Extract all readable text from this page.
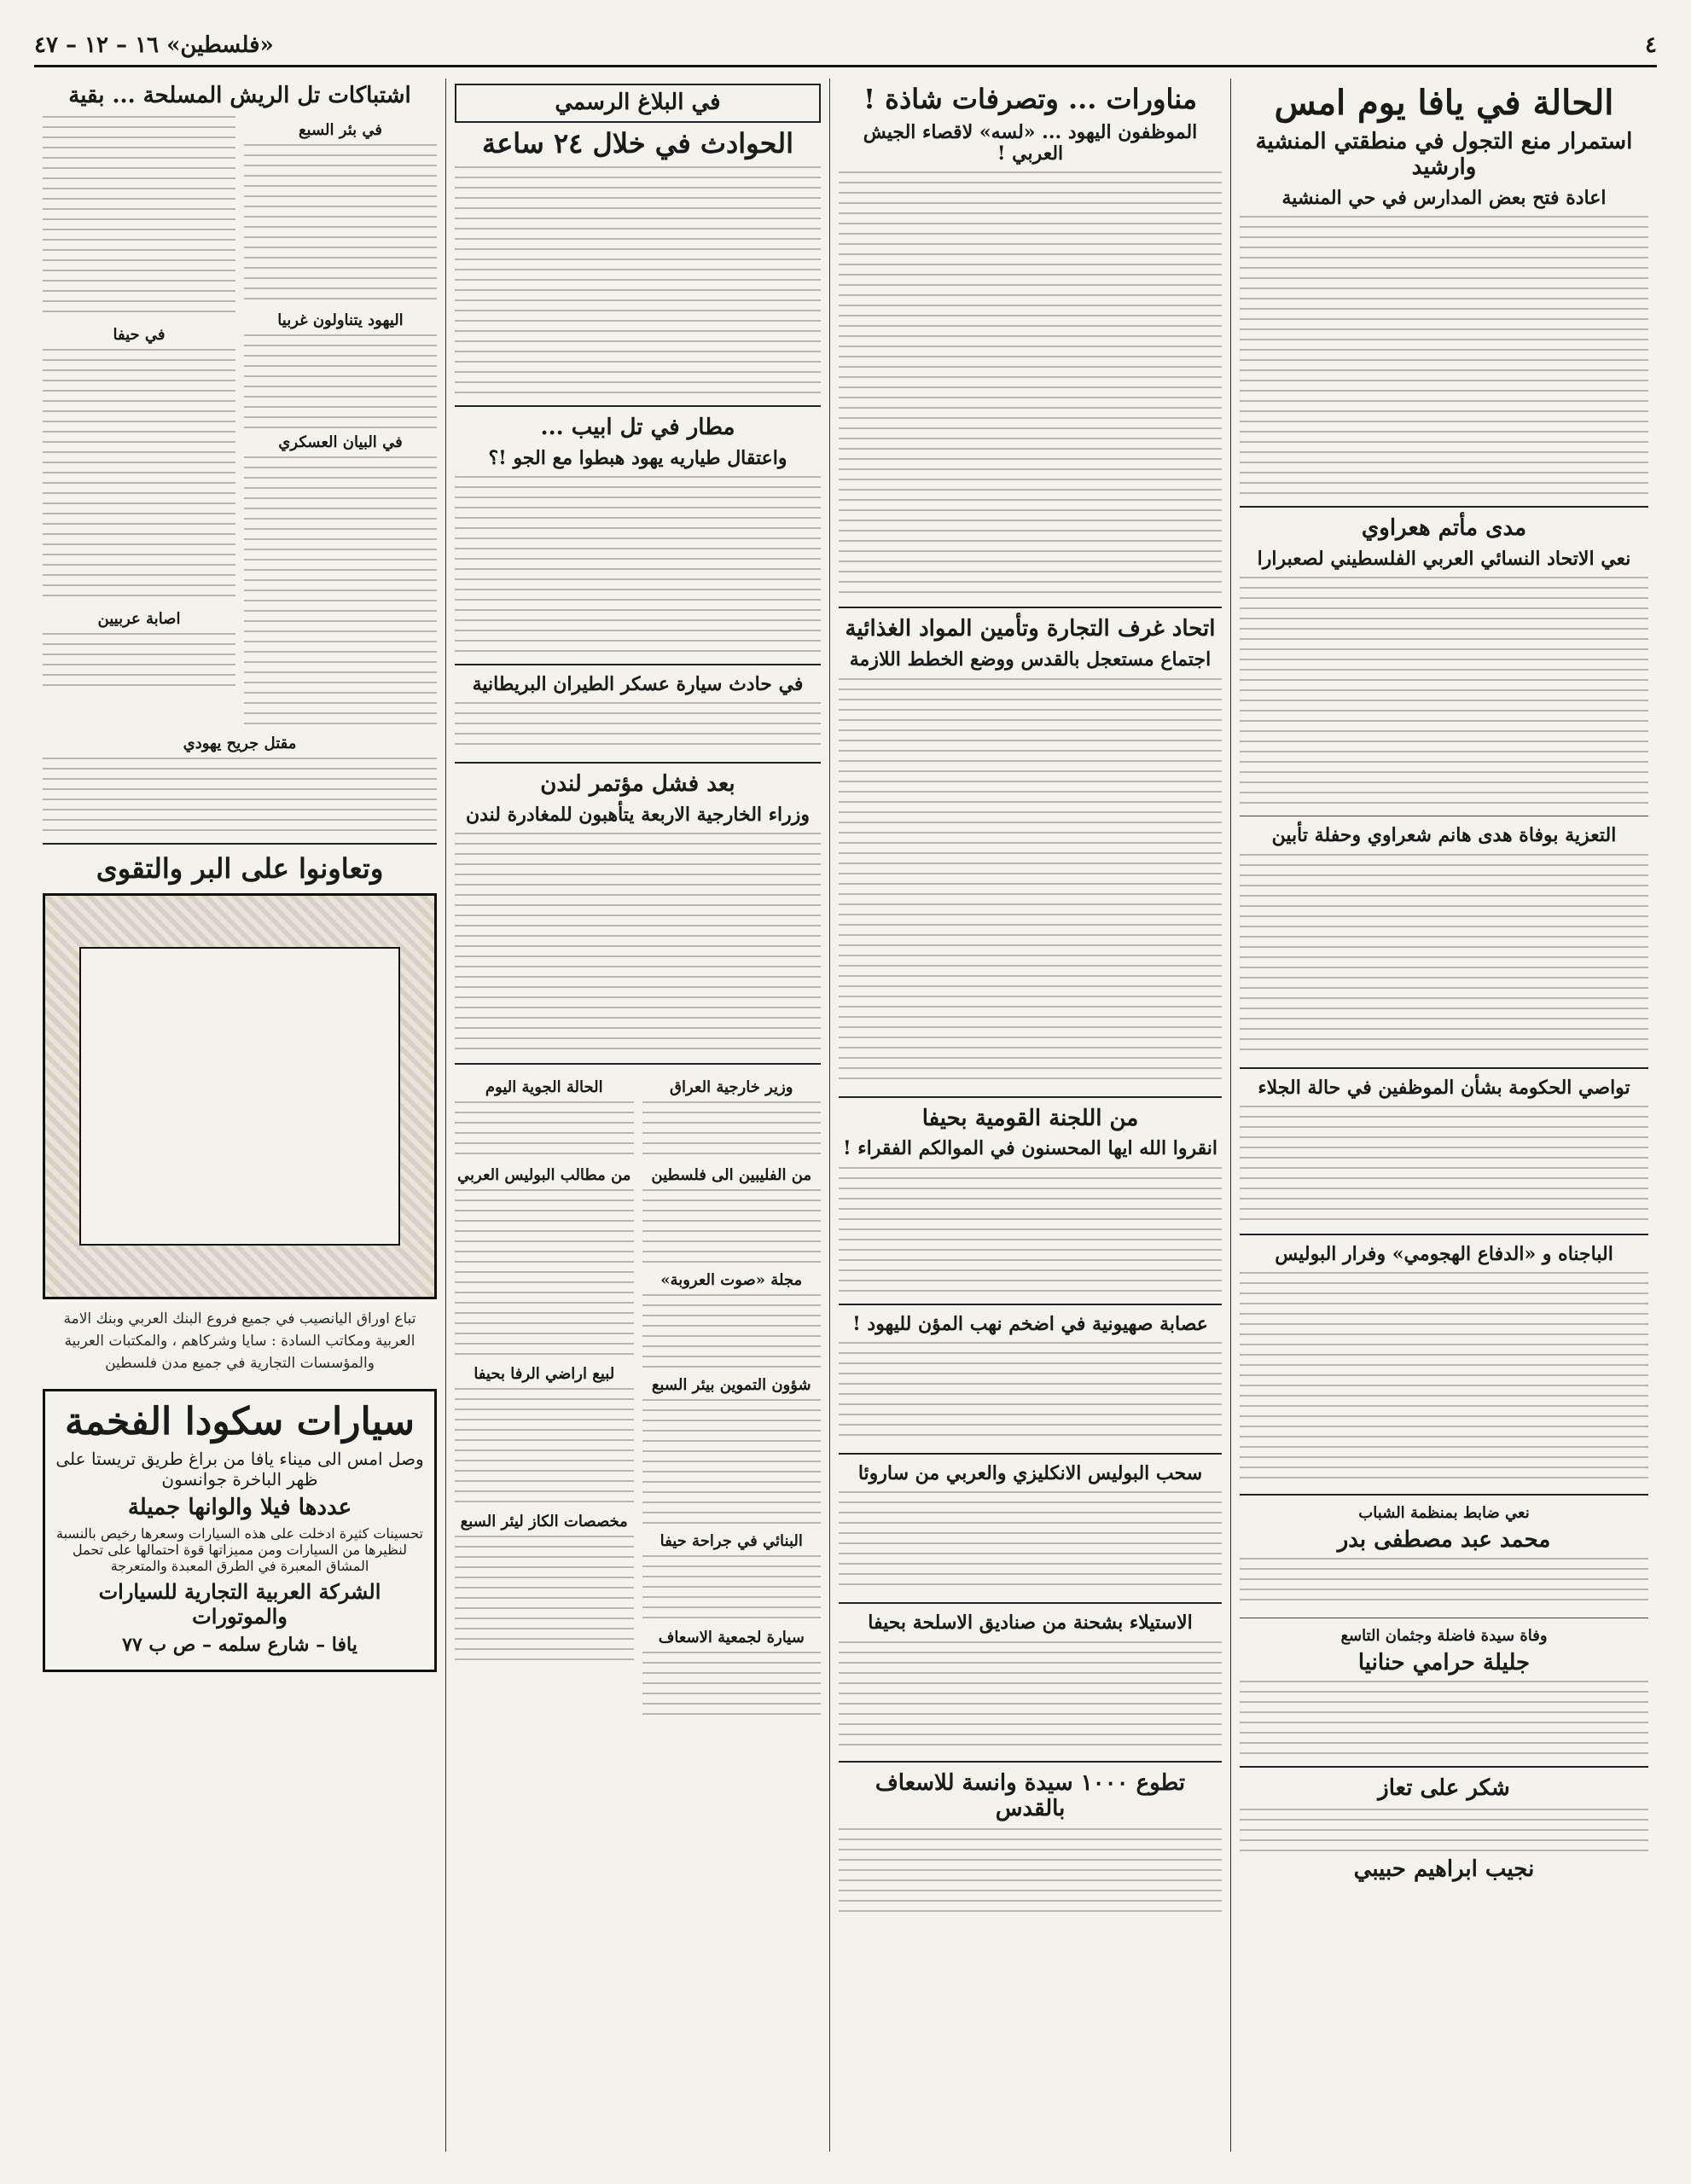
٤
«فلسطين» ١٦ – ١٢ – ٤٧
الحالة في يافا يوم امس
استمرار منع التجول في منطقتي المنشية وارشيد
اعادة فتح بعض المدارس في حي المنشية
مدى مأتم هعراوي
نعي الاتحاد النسائي العربي الفلسطيني لصعبرارا
التعزية بوفاة هدى هانم شعراوي وحفلة تأبين
تواصي الحكومة بشأن الموظفين في حالة الجلاء
الباجناه و «الدفاع الهجومي» وفرار البوليس
نعي ضابط بمنظمة الشباب
محمد عبد مصطفى بدر
وفاة سيدة فاضلة وجثمان التاسع
جليلة حرامي حنانيا
شكر على تعاز
نجيب ابراهيم حبيبي
مناورات ... وتصرفات شاذة !
الموظفون اليهود ... «لسه» لاقصاء الجيش العربي !
اتحاد غرف التجارة وتأمين المواد الغذائية
اجتماع مستعجل بالقدس ووضع الخطط اللازمة
من اللجنة القومية بحيفا
انقروا الله ايها المحسنون في الموالكم الفقراء !
عصابة صهيونية في اضخم نهب المؤن لليهود !
سحب البوليس الانكليزي والعربي من ساروئا
الاستيلاء بشحنة من صناديق الاسلحة بحيفا
تطوع ١٠٠٠ سيدة وانسة للاسعاف بالقدس
في البلاغ الرسمي
الحوادث في خلال ٢٤ ساعة
مطار في تل ابيب ...
واعتقال طياريه يهود هبطوا مع الجو !؟
في حادث سيارة عسكر الطيران البريطانية
بعد فشل مؤتمر لندن
وزراء الخارجية الاربعة يتأهبون للمغادرة لندن
وزير خارجية العراق
من الفليبين الى فلسطين
مجلة «صوت العروبة»
شؤون التموين بيئر السبع
البنائي في جراحة حيفا
سيارة لجمعية الاسعاف
الحالة الجوية اليوم
من مطالب البوليس العربي
لبيع اراضي الرفا بحيفا
مخصصات الكاز ليئر السبع
اشتباكات تل الريش المسلحة ... بقية
في بئر السبع
اليهود يتناولون غربيا
في البيان العسكري
في حيفا
اصابة عربيين
مقتل جريح يهودي
وتعاونوا على البر والتقوى
تباع اوراق اليانصيب في جميع فروع البنك العربي وبنك الامة العربية ومكاتب السادة : سايا وشركاهم ، والمكتبات العربية والمؤسسات التجارية في جميع مدن فلسطين
سيارات سكودا الفخمة
وصل امس الى ميناء يافا من براغ طريق تريستا على ظهر الباخرة جوانسون
عددها فيلا والوانها جميلة
تحسينات كثيرة ادخلت على هذه السيارات وسعرها رخيص بالنسبة لنظيرها من السيارات ومن مميزاتها قوة احتمالها على تحمل المشاق المعبرة في الطرق المعبدة والمتعرجة
الشركة العربية التجارية للسيارات والموتورات
يافا – شارع سلمه – ص ب ٧٧
